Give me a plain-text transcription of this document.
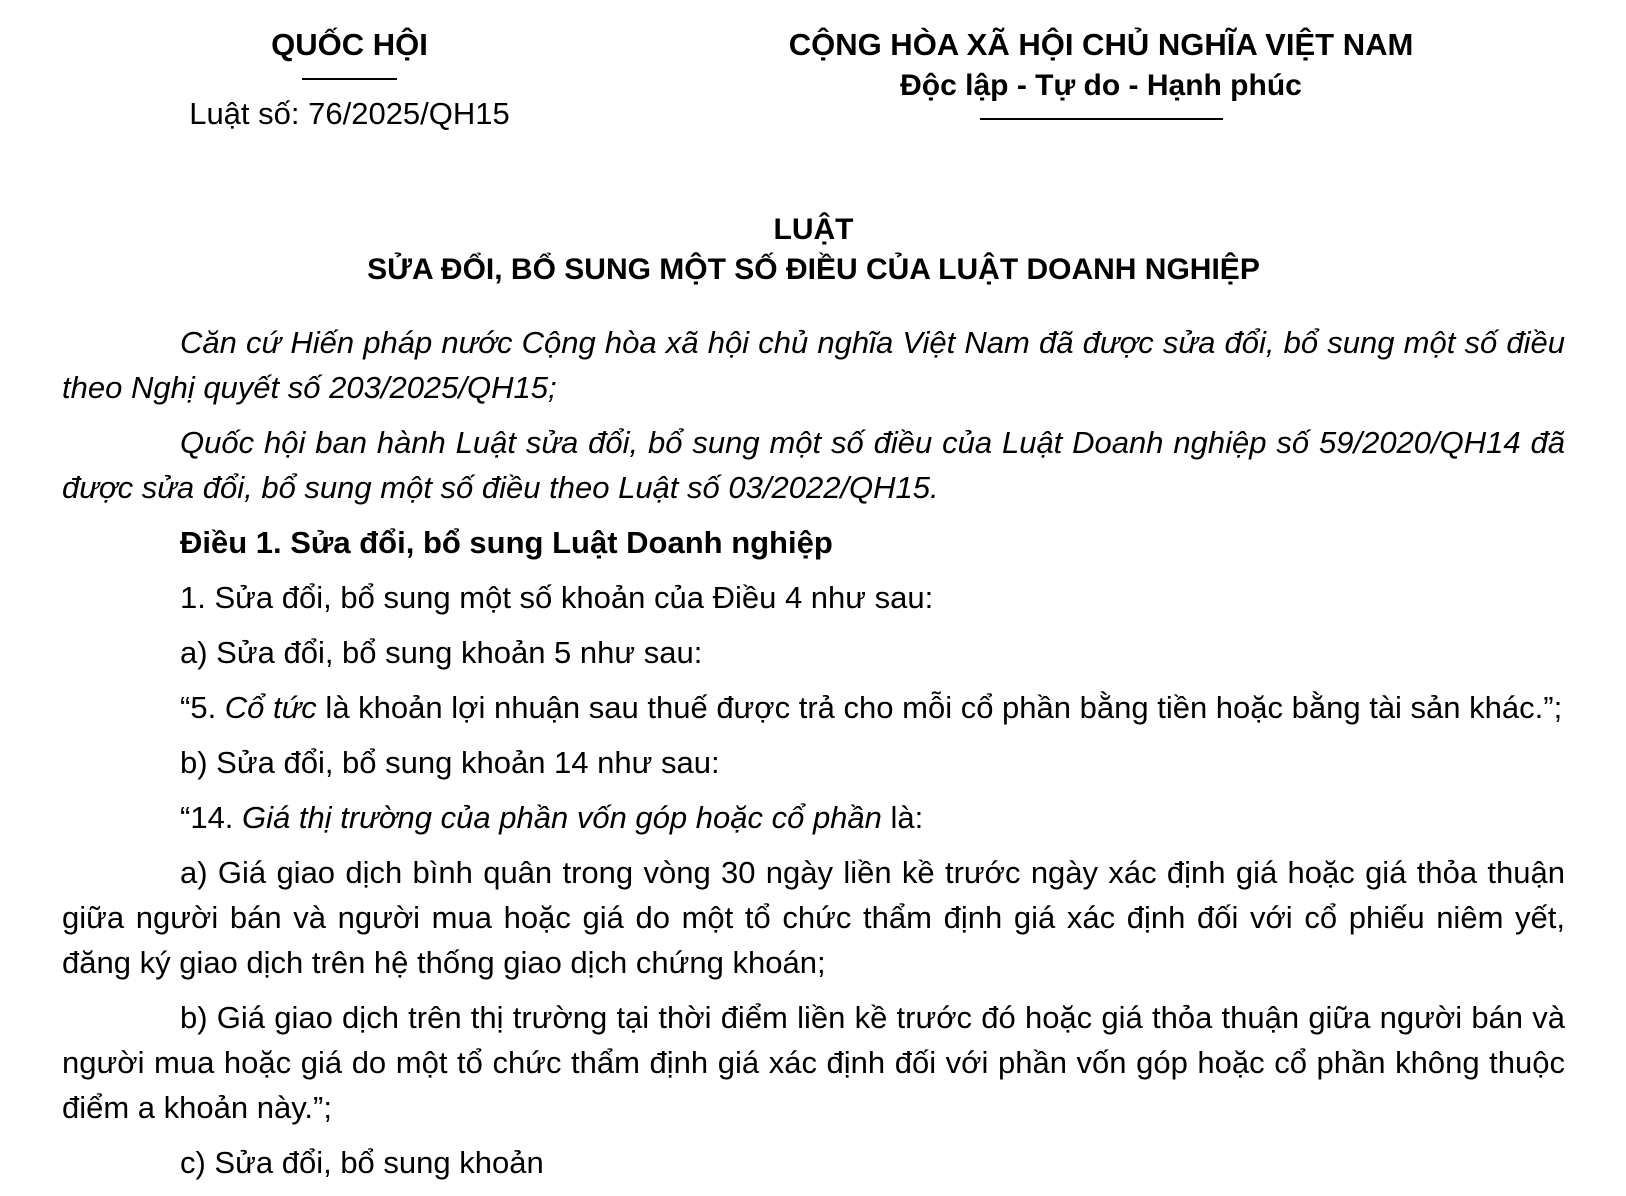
QUỐC HỘI
Luật số: 76/2025/QH15
CỘNG HÒA XÃ HỘI CHỦ NGHĨA VIỆT NAM
Độc lập - Tự do - Hạnh phúc
LUẬT
SỬA ĐỔI, BỔ SUNG MỘT SỐ ĐIỀU CỦA LUẬT DOANH NGHIỆP

Căn cứ Hiến pháp nước Cộng hòa xã hội chủ nghĩa Việt Nam đã được sửa đổi, bổ sung một số điều theo Nghị quyết số 203/2025/QH15;

Quốc hội ban hành Luật sửa đổi, bổ sung một số điều của Luật Doanh nghiệp số 59/2020/QH14 đã được sửa đổi, bổ sung một số điều theo Luật số 03/2022/QH15.

Điều 1. Sửa đổi, bổ sung Luật Doanh nghiệp

1. Sửa đổi, bổ sung một số khoản của Điều 4 như sau:

a) Sửa đổi, bổ sung khoản 5 như sau:

“5. Cổ tức là khoản lợi nhuận sau thuế được trả cho mỗi cổ phần bằng tiền hoặc bằng tài sản khác.”;

b) Sửa đổi, bổ sung khoản 14 như sau:

“14. Giá thị trường của phần vốn góp hoặc cổ phần là:

a) Giá giao dịch bình quân trong vòng 30 ngày liền kề trước ngày xác định giá hoặc giá thỏa thuận giữa người bán và người mua hoặc giá do một tổ chức thẩm định giá xác định đối với cổ phiếu niêm yết, đăng ký giao dịch trên hệ thống giao dịch chứng khoán;

b) Giá giao dịch trên thị trường tại thời điểm liền kề trước đó hoặc giá thỏa thuận giữa người bán và người mua hoặc giá do một tổ chức thẩm định giá xác định đối với phần vốn góp hoặc cổ phần không thuộc điểm a khoản này.”;

c) Sửa đổi, bổ sung khoản
